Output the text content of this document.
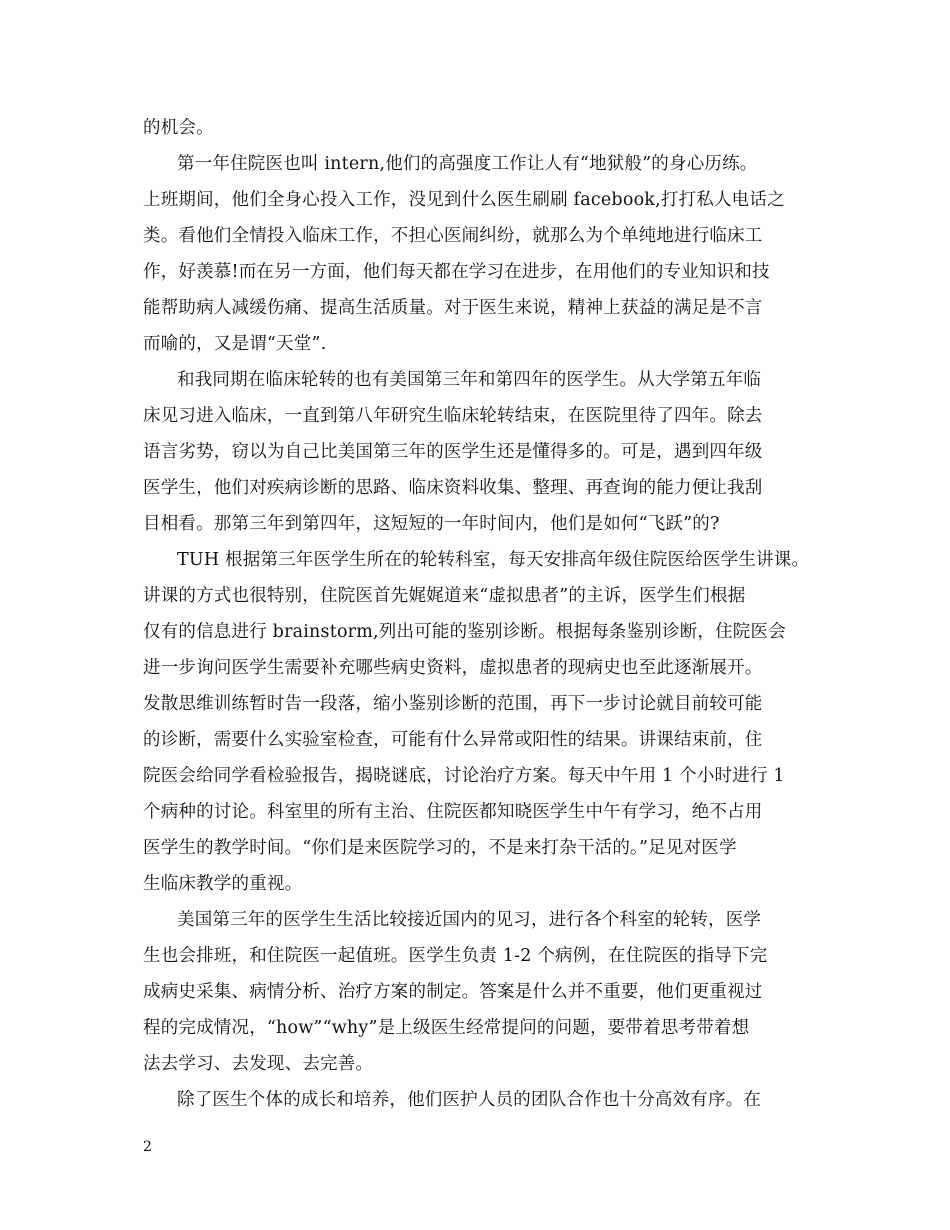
的机会。
第一年住院医也叫 intern,他们的高强度工作让人有“地狱般”的身心历练。
上班期间，他们全身心投入工作，没见到什么医生刷刷 facebook,打打私人电话之
类。看他们全情投入临床工作，不担心医闹纠纷，就那么为个单纯地进行临床工
作，好羡慕!而在另一方面，他们每天都在学习在进步，在用他们的专业知识和技
能帮助病人减缓伤痛、提高生活质量。对于医生来说，精神上获益的满足是不言
而喻的，又是谓“天堂”.
和我同期在临床轮转的也有美国第三年和第四年的医学生。从大学第五年临
床见习进入临床，一直到第八年研究生临床轮转结束，在医院里待了四年。除去
语言劣势，窃以为自己比美国第三年的医学生还是懂得多的。可是，遇到四年级
医学生，他们对疾病诊断的思路、临床资料收集、整理、再查询的能力便让我刮
目相看。那第三年到第四年，这短短的一年时间内，他们是如何“飞跃”的?
TUH 根据第三年医学生所在的轮转科室，每天安排高年级住院医给医学生讲课。
讲课的方式也很特别，住院医首先娓娓道来“虚拟患者”的主诉，医学生们根据
仅有的信息进行 brainstorm,列出可能的鉴别诊断。根据每条鉴别诊断，住院医会
进一步询问医学生需要补充哪些病史资料，虚拟患者的现病史也至此逐渐展开。
发散思维训练暂时告一段落，缩小鉴别诊断的范围，再下一步讨论就目前较可能
的诊断，需要什么实验室检查，可能有什么异常或阳性的结果。讲课结束前，住
院医会给同学看检验报告，揭晓谜底，讨论治疗方案。每天中午用 1 个小时进行 1
个病种的讨论。科室里的所有主治、住院医都知晓医学生中午有学习，绝不占用
医学生的教学时间。“你们是来医院学习的，不是来打杂干活的。”足见对医学
生临床教学的重视。
美国第三年的医学生生活比较接近国内的见习，进行各个科室的轮转，医学
生也会排班，和住院医一起值班。医学生负责 1-2 个病例，在住院医的指导下完
成病史采集、病情分析、治疗方案的制定。答案是什么并不重要，他们更重视过
程的完成情况，“how”“why”是上级医生经常提问的问题，要带着思考带着想
法去学习、去发现、去完善。
除了医生个体的成长和培养，他们医护人员的团队合作也十分高效有序。在
2
